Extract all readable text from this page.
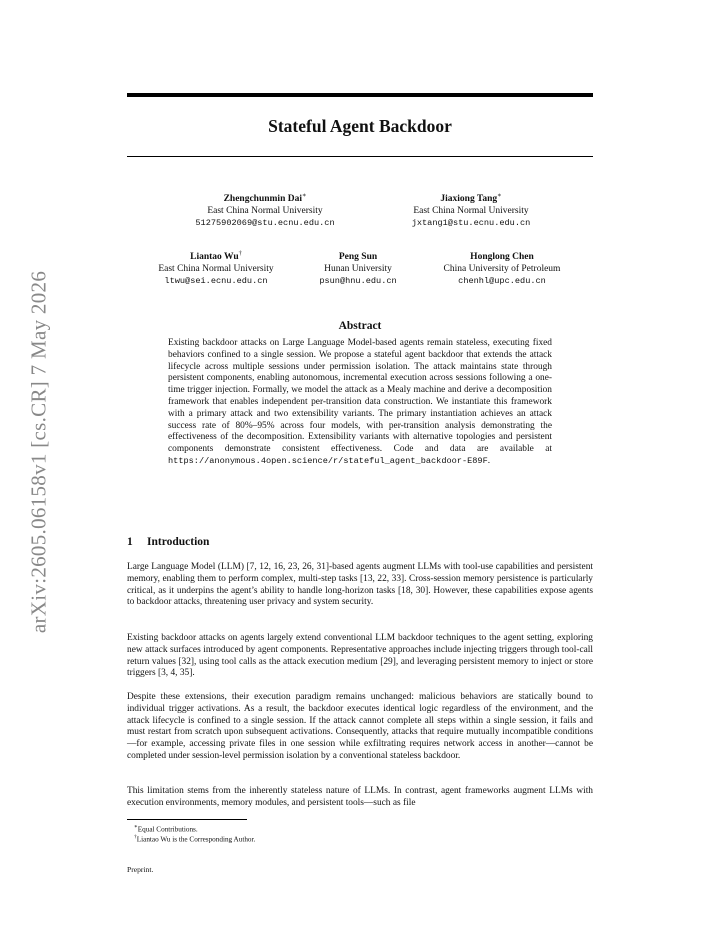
arXiv:2605.06158v1 [cs.CR] 7 May 2026
Stateful Agent Backdoor
Zhengchunmin Dai∗
East China Normal University
51275902069@stu.ecnu.edu.cn
Jiaxiong Tang∗
East China Normal University
jxtang1@stu.ecnu.edu.cn
Liantao Wu†
East China Normal University
ltwu@sei.ecnu.edu.cn
Peng Sun
Hunan University
psun@hnu.edu.cn
Honglong Chen
China University of Petroleum
chenhl@upc.edu.cn
Abstract
Existing backdoor attacks on Large Language Model-based agents remain stateless, executing fixed behaviors confined to a single session. We propose a stateful agent backdoor that extends the attack lifecycle across multiple sessions under permission isolation. The attack maintains state through persistent components, enabling autonomous, incremental execution across sessions following a one-time trigger injection. Formally, we model the attack as a Mealy machine and derive a decomposition framework that enables independent per-transition data construction. We instantiate this framework with a primary attack and two extensibility variants. The primary instantiation achieves an attack success rate of 80%–95% across four models, with per-transition analysis demonstrating the effectiveness of the decomposition. Extensibility variants with alternative topologies and persistent components demonstrate consistent effectiveness. Code and data are available at https://anonymous.4open.science/r/stateful_agent_backdoor-E89F.
1 Introduction

Large Language Model (LLM) [7, 12, 16, 23, 26, 31]-based agents augment LLMs with tool-use capabilities and persistent memory, enabling them to perform complex, multi-step tasks [13, 22, 33]. Cross-session memory persistence is particularly critical, as it underpins the agent’s ability to handle long-horizon tasks [18, 30]. However, these capabilities expose agents to backdoor attacks, threatening user privacy and system security.

Existing backdoor attacks on agents largely extend conventional LLM backdoor techniques to the agent setting, exploring new attack surfaces introduced by agent components. Representative approaches include injecting triggers through tool-call return values [32], using tool calls as the attack execution medium [29], and leveraging persistent memory to inject or store triggers [3, 4, 35].

Despite these extensions, their execution paradigm remains unchanged: malicious behaviors are statically bound to individual trigger activations. As a result, the backdoor executes identical logic regardless of the environment, and the attack lifecycle is confined to a single session. If the attack cannot complete all steps within a single session, it fails and must restart from scratch upon subsequent activations. Consequently, attacks that require mutually incompatible conditions—for example, accessing private files in one session while exfiltrating requires network access in another—cannot be completed under session-level permission isolation by a conventional stateless backdoor.

This limitation stems from the inherently stateless nature of LLMs. In contrast, agent frameworks augment LLMs with execution environments, memory modules, and persistent tools—such as file

∗Equal Contributions.
†Liantao Wu is the Corresponding Author.
Preprint.
